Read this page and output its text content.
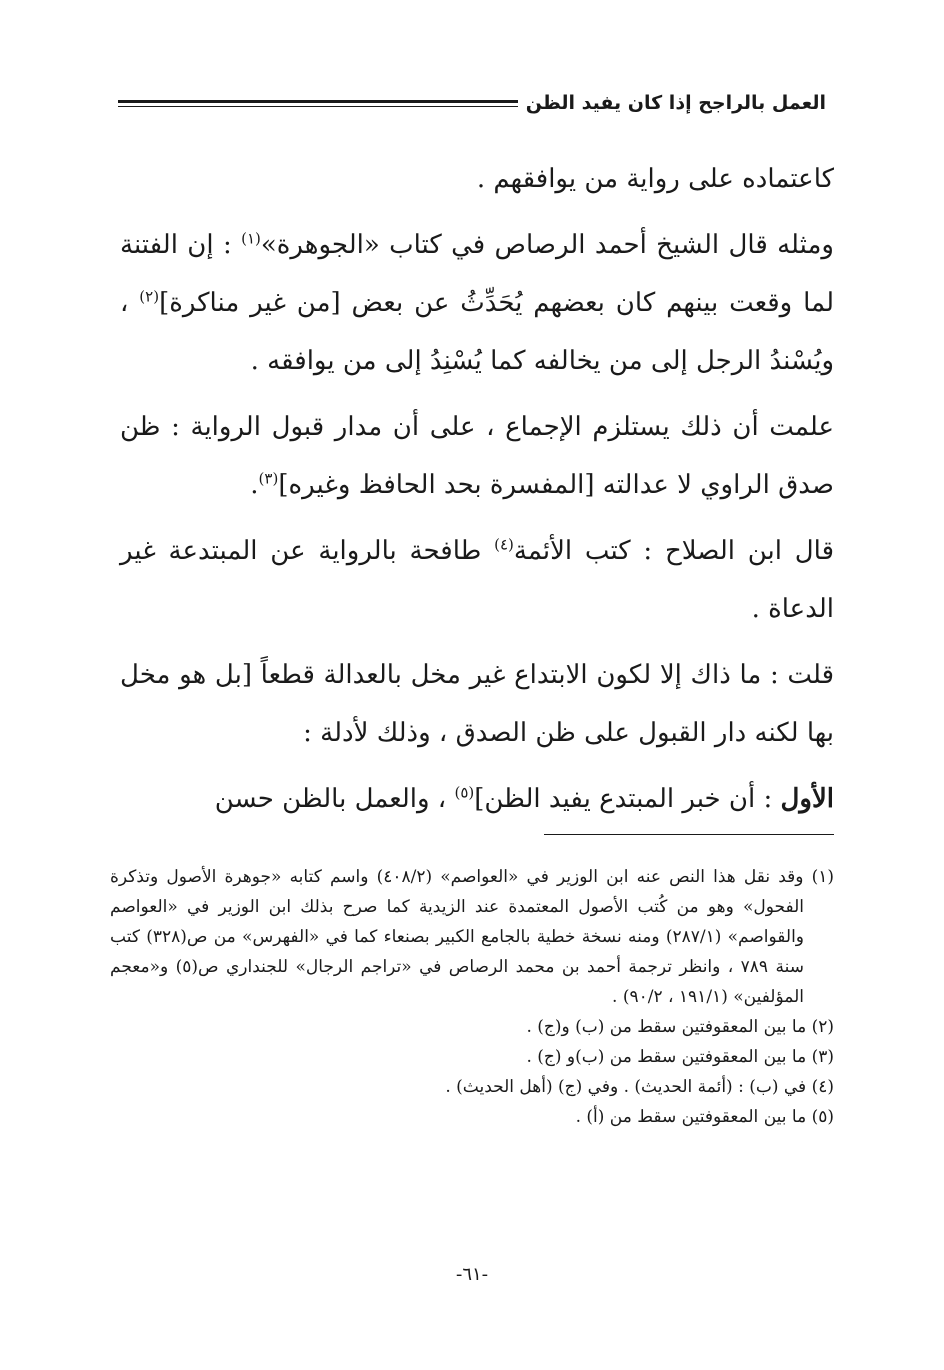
العمل بالراجح إذا كان يفيد الظن

كاعتماده على رواية من يوافقهم .

ومثله قال الشيخ أحمد الرصاص في كتاب «الجوهرة»$^{(١)}$ : إن الفتنة لما وقعت بينهم كان بعضهم يُحَدِّثُ عن بعض [من غير مناكرة]$^{(٢)}$ ، ويُسْندُ الرجل إلى من يخالفه كما يُسْنِدُ إلى من يوافقه .

علمت أن ذلك يستلزم الإجماع ، على أن مدار قبول الرواية : ظن صدق الراوي لا عدالته [المفسرة بحد الحافظ وغيره]$^{(٣)}$.

قال ابن الصلاح : كتب الأئمة$^{(٤)}$ طافحة بالرواية عن المبتدعة غير الدعاة .

قلت : ما ذاك إلا لكون الابتداع غير مخل بالعدالة قطعاً [بل هو مخل بها لكنه دار القبول على ظن الصدق ، وذلك لأدلة :

الأول : أن خبر المبتدع يفيد الظن]$^{(٥)}$ ، والعمل بالظن حسن

(١) وقد نقل هذا النص عنه ابن الوزير في «العواصم» (٤٠٨/٢) واسم كتابه «جوهرة الأصول وتذكرة الفحول» وهو من كُتب الأصول المعتمدة عند الزيدية كما صرح بذلك ابن الوزير في «العواصم والقواصم» (٢٨٧/١) ومنه نسخة خطية بالجامع الكبير بصنعاء كما في «الفهرس» من ص(٣٢٨) كتب سنة ٧٨٩ ، وانظر ترجمة أحمد بن محمد الرصاص في «تراجم الرجال» للجنداري ص(٥) و«معجم المؤلفين» (١٩١/١ ، ٩٠/٢) .

(٢) ما بين المعقوفتين سقط من (ب) و(ج) .

(٣) ما بين المعقوفتين سقط من (ب)و (ج) .

(٤) في (ب) : (أئمة الحديث) . وفي (ج) (أهل الحديث) .

(٥) ما بين المعقوفتين سقط من (أ) .

-٦١-
